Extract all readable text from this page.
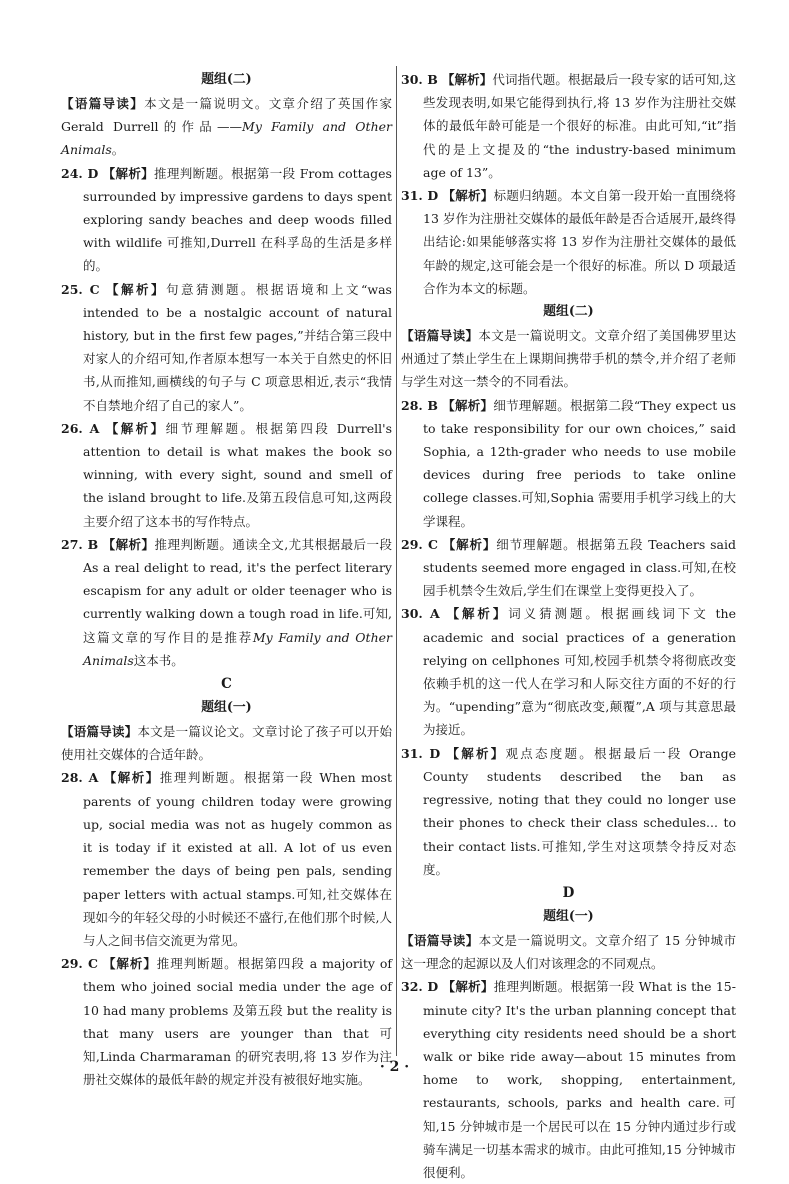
题组(二)

【语篇导读】本文是一篇说明文。文章介绍了英国作家Gerald Durrell的作品——My Family and Other Animals。

24. D 【解析】推理判断题。根据第一段 From cottages surrounded by impressive gardens to days spent exploring sandy beaches and deep woods filled with wildlife 可推知,Durrell 在科孚岛的生活是多样的。

25. C 【解析】句意猜测题。根据语境和上文“was intended to be a nostalgic account of natural history, but in the first few pages,”并结合第三段中对家人的介绍可知,作者原本想写一本关于自然史的怀旧书,从而推知,画横线的句子与 C 项意思相近,表示“我情不自禁地介绍了自己的家人”。

26. A 【解析】细节理解题。根据第四段 Durrell's attention to detail is what makes the book so winning, with every sight, sound and smell of the island brought to life.及第五段信息可知,这两段主要介绍了这本书的写作特点。

27. B 【解析】推理判断题。通读全文,尤其根据最后一段 As a real delight to read, it's the perfect literary escapism for any adult or older teenager who is currently walking down a tough road in life.可知,这篇文章的写作目的是推荐My Family and Other Animals这本书。

C
题组(一)

【语篇导读】本文是一篇议论文。文章讨论了孩子可以开始使用社交媒体的合适年龄。

28. A 【解析】推理判断题。根据第一段 When most parents of young children today were growing up, social media was not as hugely common as it is today if it existed at all. A lot of us even remember the days of being pen pals, sending paper letters with actual stamps.可知,社交媒体在现如今的年轻父母的小时候还不盛行,在他们那个时候,人与人之间书信交流更为常见。

29. C 【解析】推理判断题。根据第四段 a majority of them who joined social media under the age of 10 had many problems 及第五段 but the reality is that many users are younger than that 可知,Linda Charmaraman 的研究表明,将 13 岁作为注册社交媒体的最低年龄的规定并没有被很好地实施。

30. B 【解析】代词指代题。根据最后一段专家的话可知,这些发现表明,如果它能得到执行,将 13 岁作为注册社交媒体的最低年龄可能是一个很好的标准。由此可知,“it”指代的是上文提及的“the industry-based minimum age of 13”。

31. D 【解析】标题归纳题。本文自第一段开始一直围绕将 13 岁作为注册社交媒体的最低年龄是否合适展开,最终得出结论:如果能够落实将 13 岁作为注册社交媒体的最低年龄的规定,这可能会是一个很好的标准。所以 D 项最适合作为本文的标题。

题组(二)

【语篇导读】本文是一篇说明文。文章介绍了美国佛罗里达州通过了禁止学生在上课期间携带手机的禁令,并介绍了老师与学生对这一禁令的不同看法。

28. B 【解析】细节理解题。根据第二段“They expect us to take responsibility for our own choices,” said Sophia, a 12th-grader who needs to use mobile devices during free periods to take online college classes.可知,Sophia 需要用手机学习线上的大学课程。

29. C 【解析】细节理解题。根据第五段 Teachers said students seemed more engaged in class.可知,在校园手机禁令生效后,学生们在课堂上变得更投入了。

30. A 【解析】词义猜测题。根据画线词下文 the academic and social practices of a generation relying on cellphones 可知,校园手机禁令将彻底改变依赖手机的这一代人在学习和人际交往方面的不好的行为。“upending”意为“彻底改变,颠覆”,A 项与其意思最为接近。

31. D 【解析】观点态度题。根据最后一段 Orange County students described the ban as regressive, noting that they could no longer use their phones to check their class schedules... to their contact lists.可推知,学生对这项禁令持反对态度。

D
题组(一)

【语篇导读】本文是一篇说明文。文章介绍了 15 分钟城市这一理念的起源以及人们对该理念的不同观点。

32. D 【解析】推理判断题。根据第一段 What is the 15-minute city? It's the urban planning concept that everything city residents need should be a short walk or bike ride away—about 15 minutes from home to work, shopping, entertainment, restaurants, schools, parks and health care.可知,15 分钟城市是一个居民可以在 15 分钟内通过步行或骑车满足一切基本需求的城市。由此可推知,15 分钟城市很便利。

· 2 ·
